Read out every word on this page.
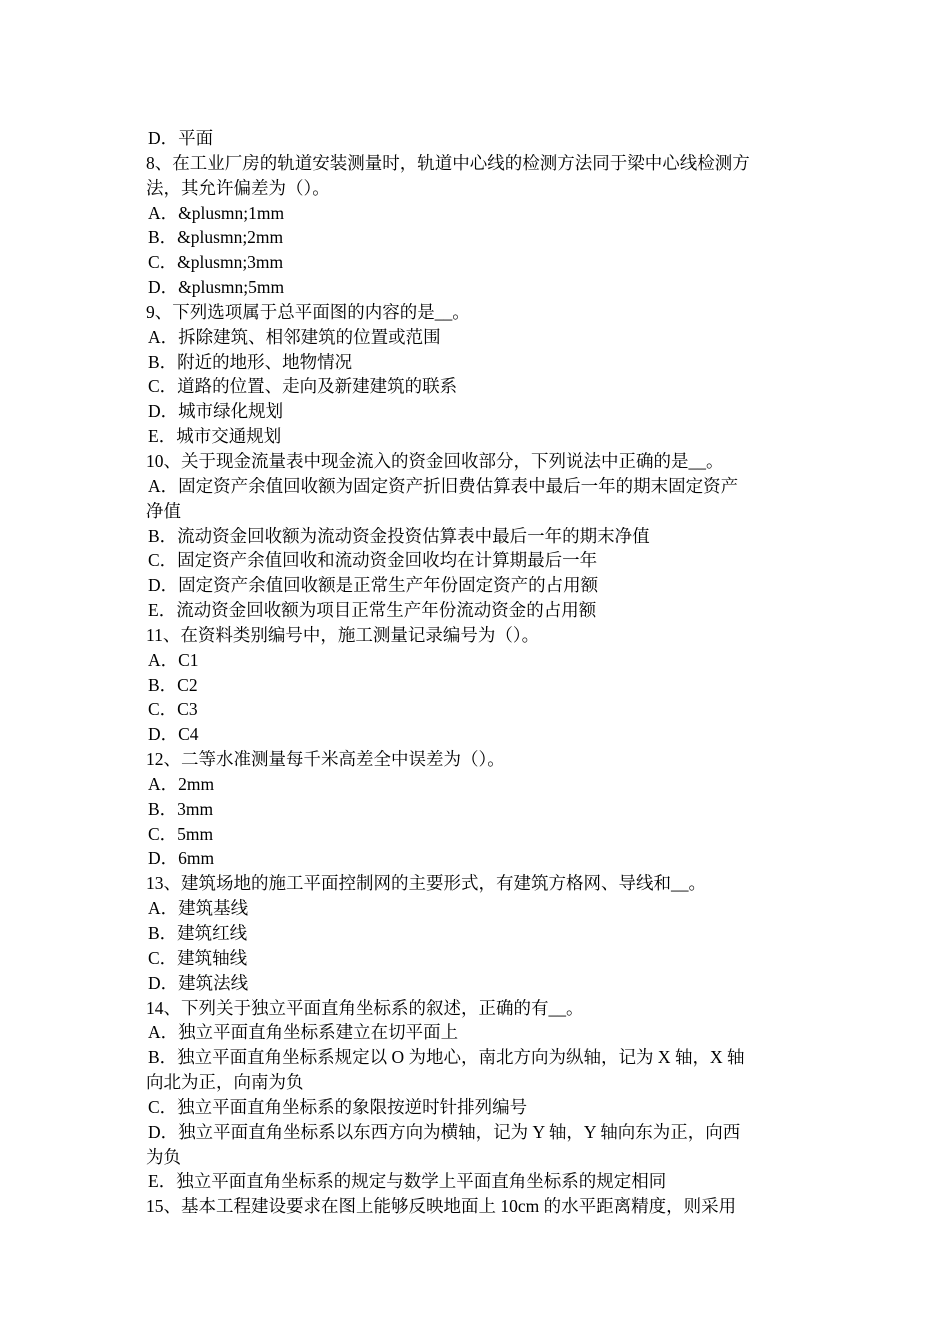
D．平面
8、在工业厂房的轨道安装测量时，轨道中心线的检测方法同于梁中心线检测方
法，其允许偏差为（）。
A．&plusmn;1mm
B．&plusmn;2mm
C．&plusmn;3mm
D．&plusmn;5mm
9、下列选项属于总平面图的内容的是__。
A．拆除建筑、相邻建筑的位置或范围
B．附近的地形、地物情况
C．道路的位置、走向及新建建筑的联系
D．城市绿化规划
E．城市交通规划
10、关于现金流量表中现金流入的资金回收部分，下列说法中正确的是__。
A．固定资产余值回收额为固定资产折旧费估算表中最后一年的期末固定资产
净值
B．流动资金回收额为流动资金投资估算表中最后一年的期末净值
C．固定资产余值回收和流动资金回收均在计算期最后一年
D．固定资产余值回收额是正常生产年份固定资产的占用额
E．流动资金回收额为项目正常生产年份流动资金的占用额
11、在资料类别编号中，施工测量记录编号为（）。
A．C1
B．C2
C．C3
D．C4
12、二等水准测量每千米高差全中误差为（）。
A．2mm
B．3mm
C．5mm
D．6mm
13、建筑场地的施工平面控制网的主要形式，有建筑方格网、导线和__。
A．建筑基线
B．建筑红线
C．建筑轴线
D．建筑法线
14、下列关于独立平面直角坐标系的叙述，正确的有__。
A．独立平面直角坐标系建立在切平面上
B．独立平面直角坐标系规定以 O 为地心，南北方向为纵轴，记为 X 轴，X 轴
向北为正，向南为负
C．独立平面直角坐标系的象限按逆时针排列编号
D．独立平面直角坐标系以东西方向为横轴，记为 Y 轴，Y 轴向东为正，向西
为负
E．独立平面直角坐标系的规定与数学上平面直角坐标系的规定相同
15、基本工程建设要求在图上能够反映地面上 10cm 的水平距离精度，则采用
